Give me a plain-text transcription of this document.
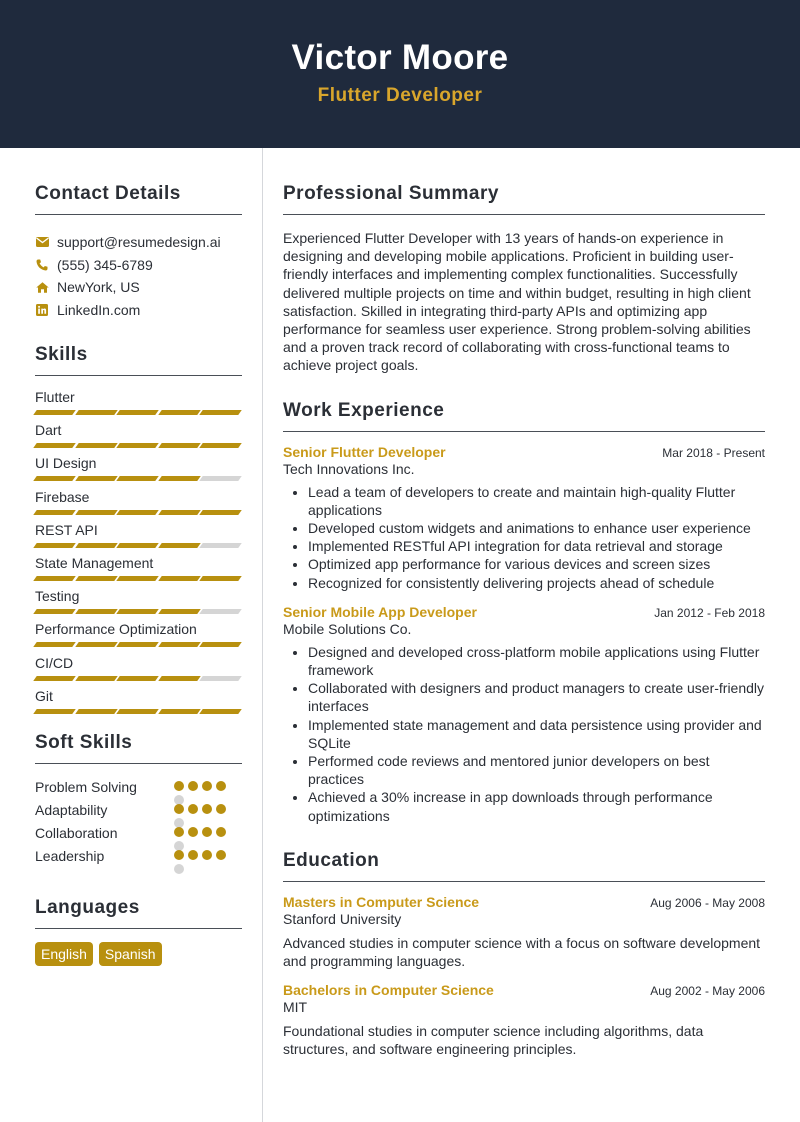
Victor Moore
Flutter Developer
Contact Details
support@resumedesign.ai
(555) 345-6789
NewYork, US
LinkedIn.com
Skills
Flutter
Dart
UI Design
Firebase
REST API
State Management
Testing
Performance Optimization
CI/CD
Git
Soft Skills
Problem Solving
Adaptability
Collaboration
Leadership
Languages
English	Spanish
Professional Summary

Experienced Flutter Developer with 13 years of hands-on experience in designing and developing mobile applications. Proficient in building user-friendly interfaces and implementing complex functionalities. Successfully delivered multiple projects on time and within budget, resulting in high client satisfaction. Skilled in integrating third-party APIs and optimizing app performance for seamless user experience. Strong problem-solving abilities and a proven track record of collaborating with cross-functional teams to achieve project goals.

Work Experience
Senior Flutter Developer	Mar 2018 - Present
Tech Innovations Inc.
• Lead a team of developers to create and maintain high-quality Flutter applications
• Developed custom widgets and animations to enhance user experience
• Implemented RESTful API integration for data retrieval and storage
• Optimized app performance for various devices and screen sizes
• Recognized for consistently delivering projects ahead of schedule
Senior Mobile App Developer	Jan 2012 - Feb 2018
Mobile Solutions Co.
• Designed and developed cross-platform mobile applications using Flutter framework
• Collaborated with designers and product managers to create user-friendly interfaces
• Implemented state management and data persistence using provider and SQLite
• Performed code reviews and mentored junior developers on best practices
• Achieved a 30% increase in app downloads through performance optimizations
Education
Masters in Computer Science	Aug 2006 - May 2008
Stanford University

Advanced studies in computer science with a focus on software development and programming languages.

Bachelors in Computer Science	Aug 2002 - May 2006
MIT

Foundational studies in computer science including algorithms, data structures, and software engineering principles.
